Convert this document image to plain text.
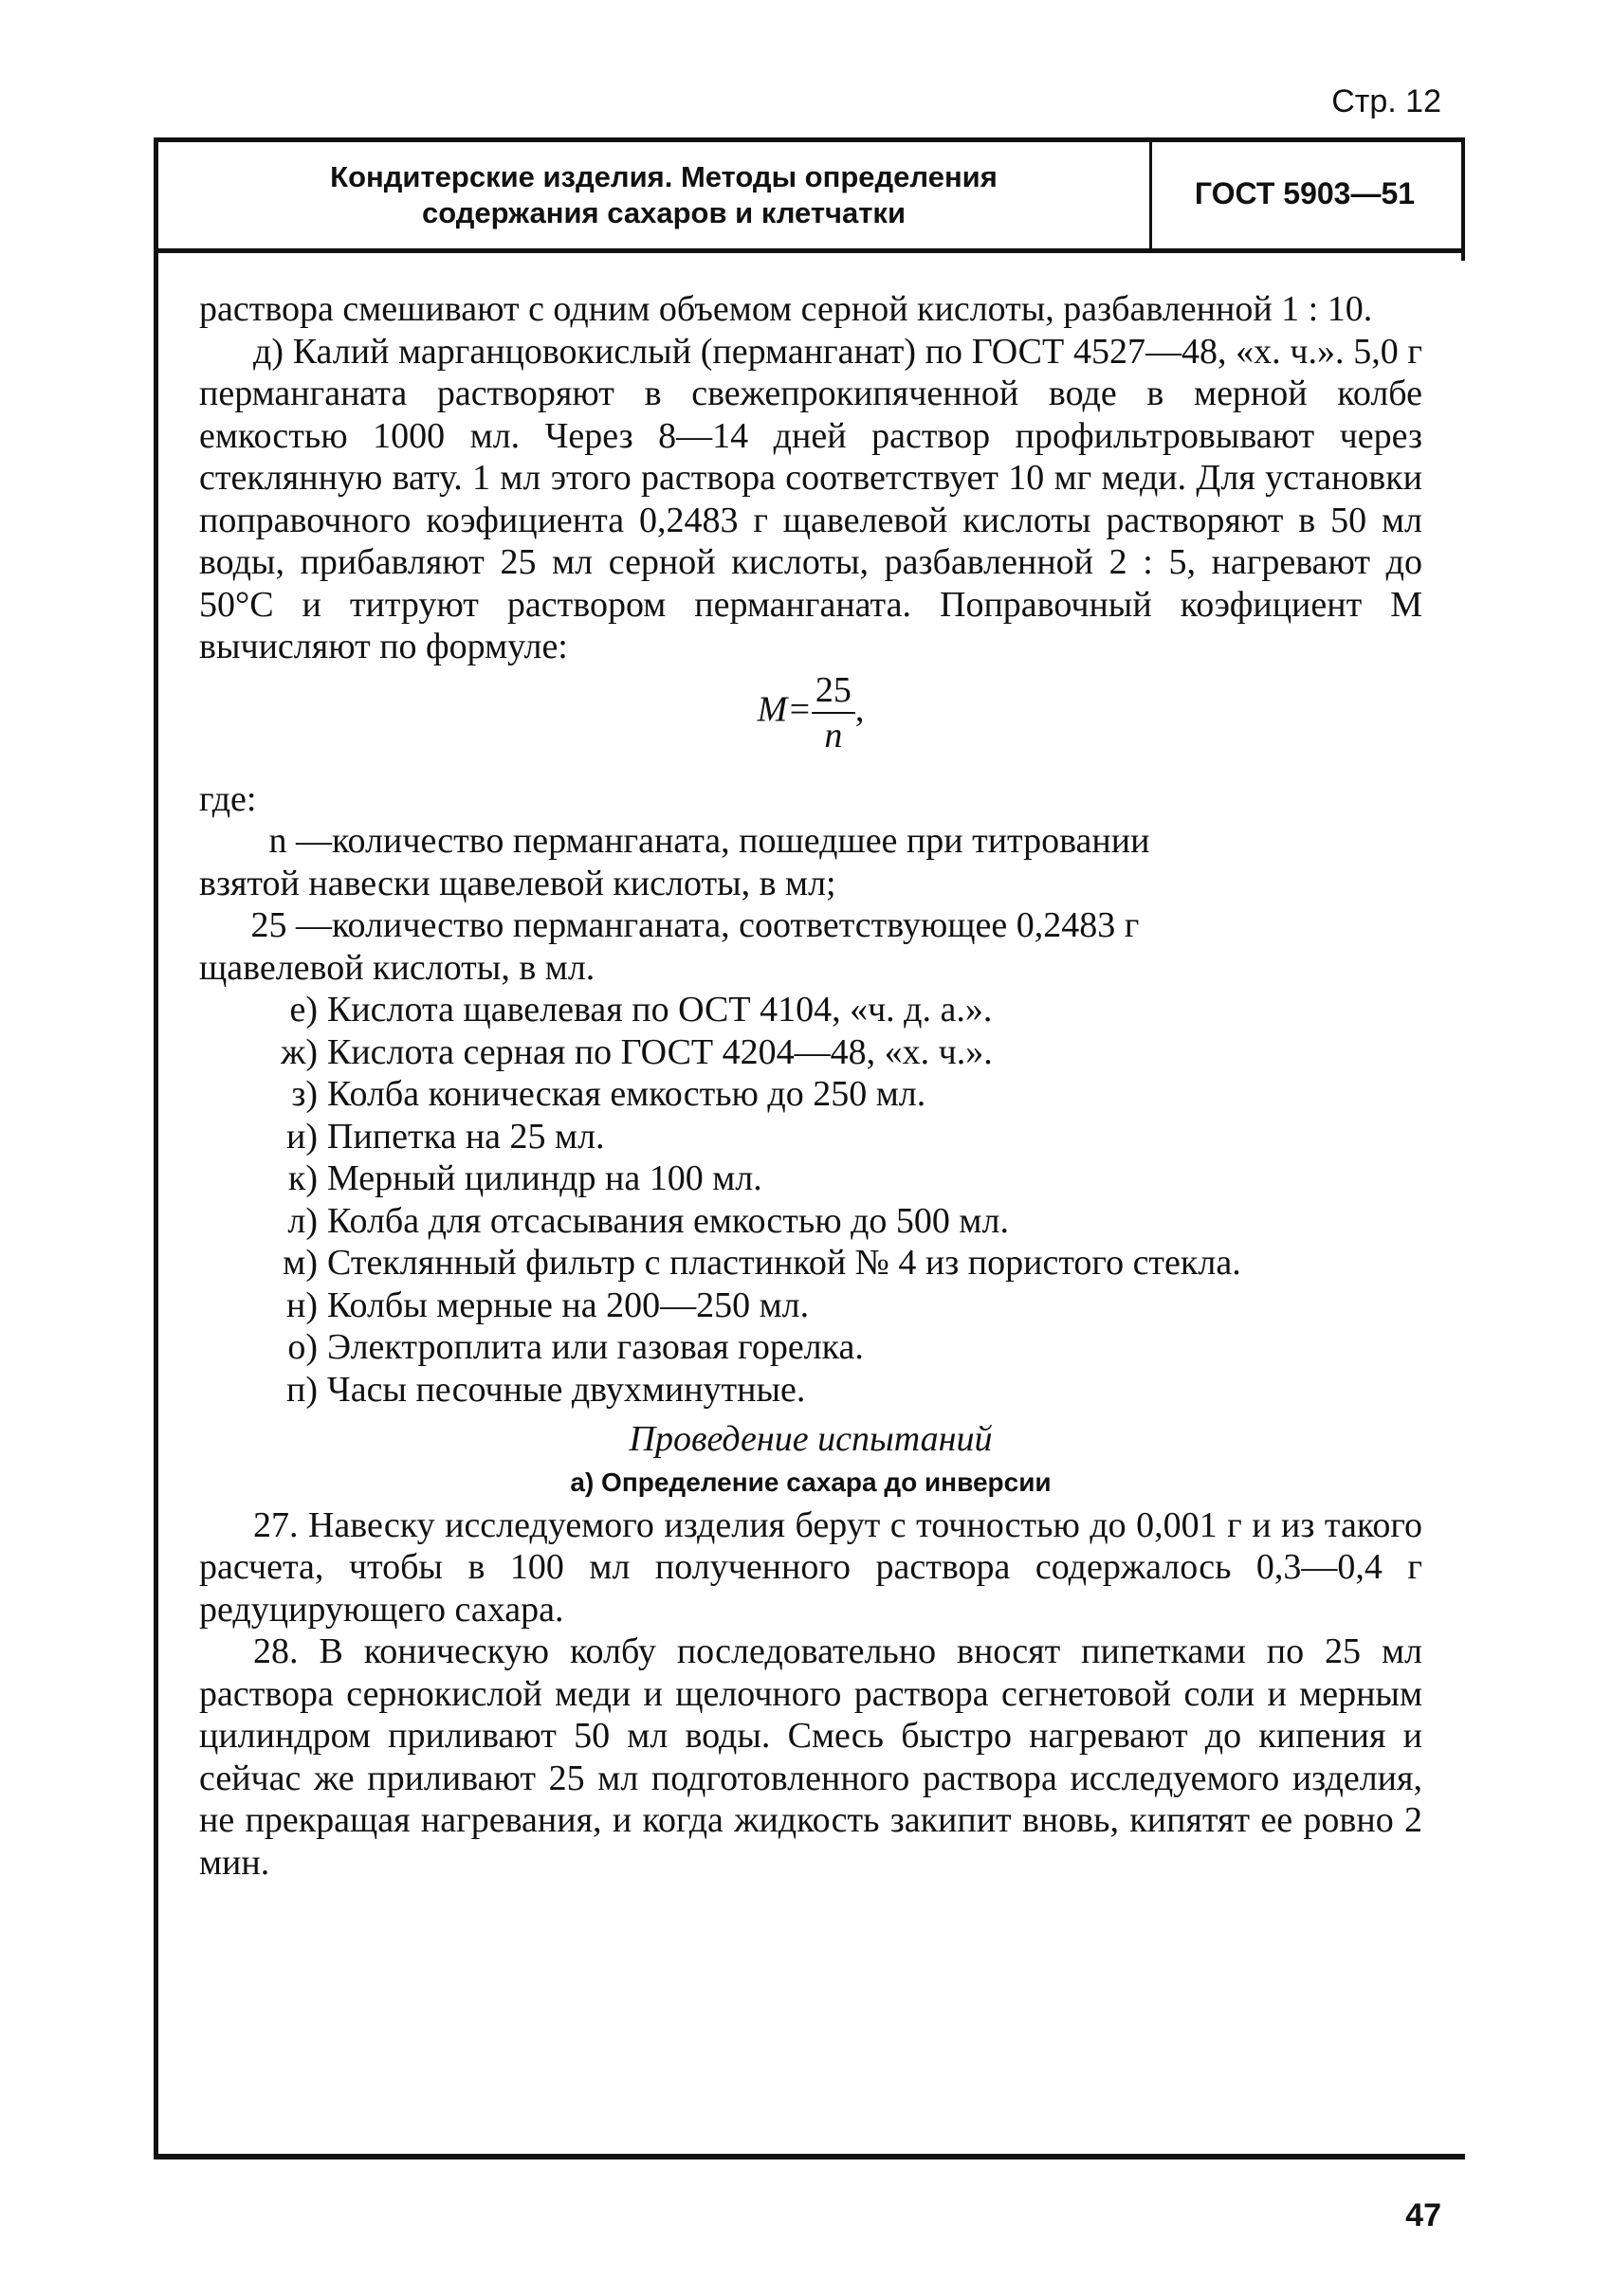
Стр. 12
Кондитерские изделия. Методы определения
содержания сахаров и клетчатки
ГОСТ 5903—51

раствора смешивают с одним объемом серной кислоты, разбавленной 1 : 10.

д) Калий марганцовокислый (перманганат) по ГОСТ 4527—48, «х. ч.». 5,0 г перманганата растворяют в свежепрокипяченной воде в мерной колбе емкостью 1000 мл. Через 8—14 дней раствор профильтровывают через стеклянную вату. 1 мл этого раствора соответствует 10 мг меди. Для установки поправочного коэфициента 0,2483 г щавелевой кислоты растворяют в 50 мл воды, прибавляют 25 мл серной кислоты, разбавленной 2 : 5, нагревают до 50°С и титруют раствором перманганата. Поправочный коэфициент М вычисляют по формуле:

$M= \frac{25}{n}$ ,
где:
n — количество перманганата, пошедшее при титровании
взятой навески щавелевой кислоты, в мл;
25 — количество перманганата, соответствующее 0,2483 г
щавелевой кислоты, в мл.
е) Кислота щавелевая по ОСТ 4104, «ч. д. а.».
ж) Кислота серная по ГОСТ 4204—48, «х. ч.».
з) Колба коническая емкостью до 250 мл.
и) Пипетка на 25 мл.
к) Мерный цилиндр на 100 мл.
л) Колба для отсасывания емкостью до 500 мл.
м) Стеклянный фильтр с пластинкой № 4 из пористого стекла.
н) Колбы мерные на 200—250 мл.
о) Электроплита или газовая горелка.
п) Часы песочные двухминутные.
Проведение испытаний
а) Определение сахара до инверсии

27. Навеску исследуемого изделия берут с точностью до 0,001 г и из такого расчета, чтобы в 100 мл полученного раствора содержалось 0,3—0,4 г редуцирующего сахара.

28. В коническую колбу последовательно вносят пипетками по 25 мл раствора сернокислой меди и щелочного раствора сегнетовой соли и мерным цилиндром приливают 50 мл воды. Смесь быстро нагревают до кипения и сейчас же приливают 25 мл подготовленного раствора исследуемого изделия, не прекращая нагревания, и когда жидкость закипит вновь, кипятят ее ровно 2 мин.

47
